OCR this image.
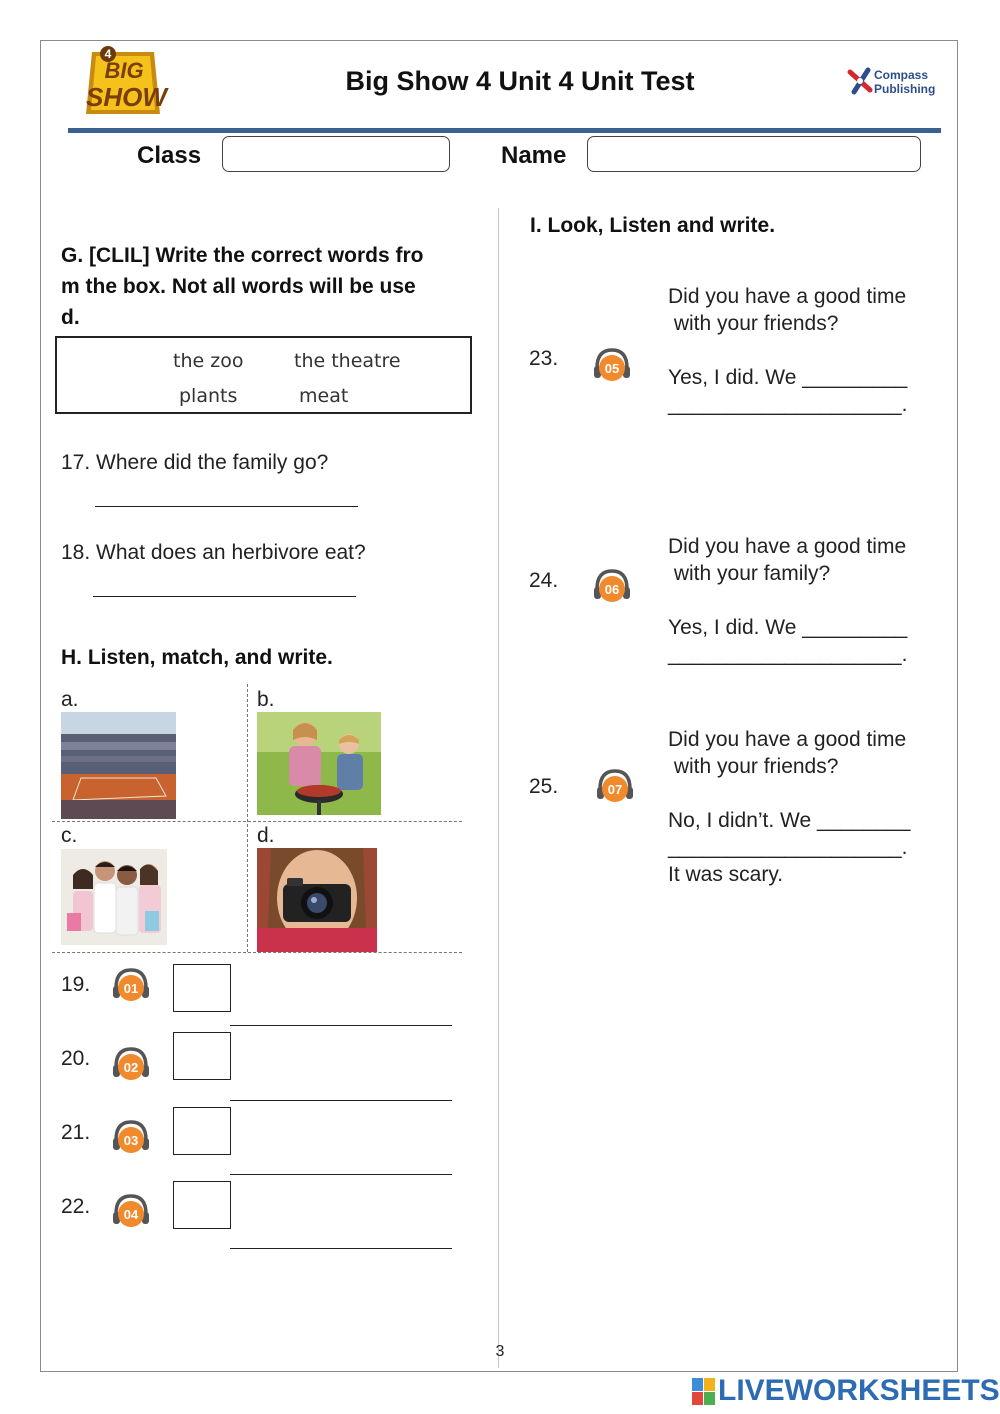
4
BIG
SHOW
Big Show 4 Unit 4 Unit Test	Compass
Publishing
Class	Name
G. [CLIL] Write the correct words fro
m the box. Not all words will be use
d.
the zoo	the theatre
plants	meat
17. Where did the family go?
18. What does an herbivore eat?
H. Listen, match, and write.
a.	b.
c.	d.
19.	01
20.	02
21.	03
22.	04
I. Look, Listen and write.
23.	05
Did you have a good time
with your friends?
Yes, I did. We _________
____________________.
24.	06
Did you have a good time
with your family?
Yes, I did. We _________
____________________.
25.	07
Did you have a good time
with your friends?
No, I didn’t. We ________
____________________.
It was scary.
3
LIVEWORKSHEETS
